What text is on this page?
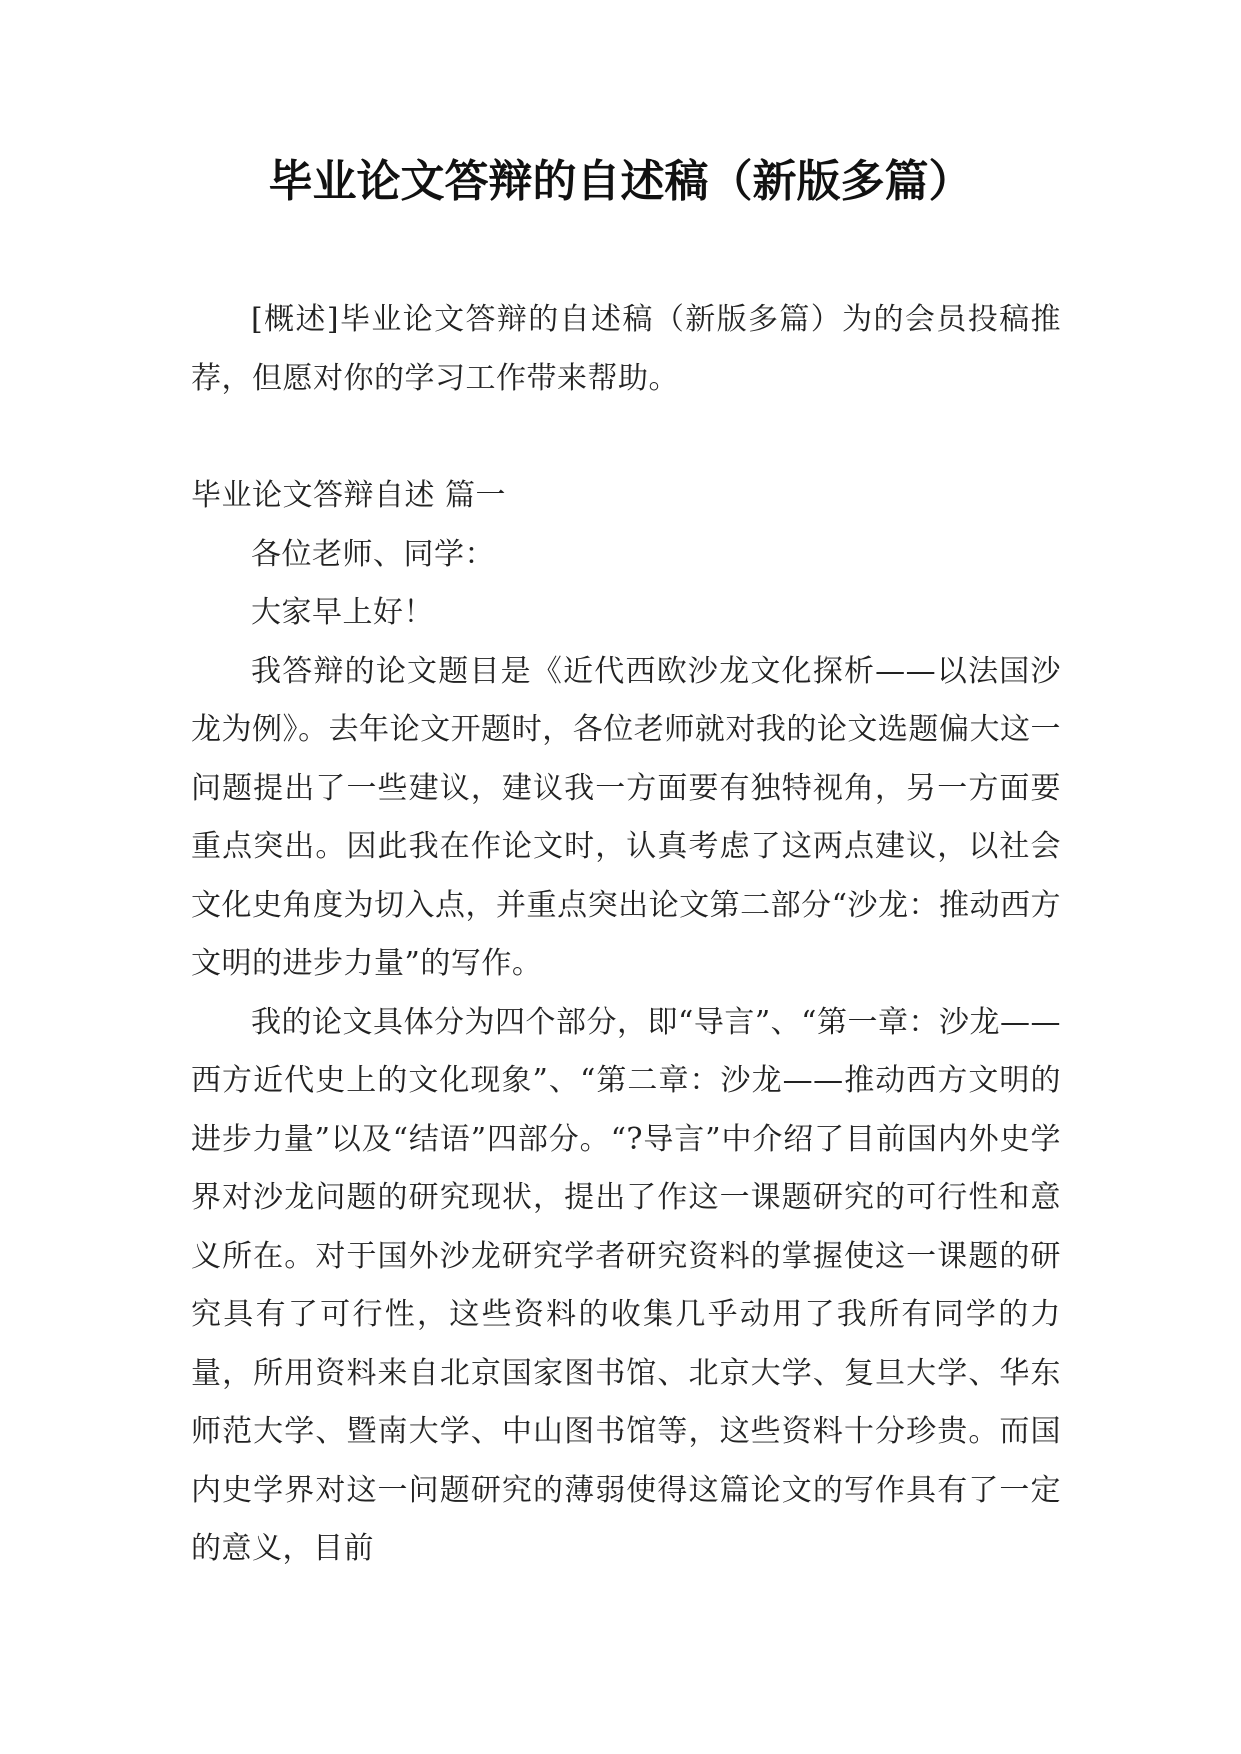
毕业论文答辩的自述稿（新版多篇）

[概述]毕业论文答辩的自述稿（新版多篇）为的会员投稿推荐，但愿对你的学习工作带来帮助。

毕业论文答辩自述 篇一

各位老师、同学：

大家早上好！

我答辩的论文题目是《近代西欧沙龙文化探析——以法国沙龙为例》。去年论文开题时，各位老师就对我的论文选题偏大这一问题提出了一些建议，建议我一方面要有独特视角，另一方面要重点突出。因此我在作论文时，认真考虑了这两点建议，以社会文化史角度为切入点，并重点突出论文第二部分“沙龙：推动西方文明的进步力量”的写作。

我的论文具体分为四个部分，即“导言”、“第一章：沙龙——西方近代史上的文化现象”、“第二章：沙龙——推动西方文明的进步力量”以及“结语”四部分。“?导言”中介绍了目前国内外史学界对沙龙问题的研究现状，提出了作这一课题研究的可行性和意义所在。对于国外沙龙研究学者研究资料的掌握使这一课题的研究具有了可行性，这些资料的收集几乎动用了我所有同学的力量，所用资料来自北京国家图书馆、北京大学、复旦大学、华东师范大学、暨南大学、中山图书馆等，这些资料十分珍贵。而国内史学界对这一问题研究的薄弱使得这篇论文的写作具有了一定的意义，目前
